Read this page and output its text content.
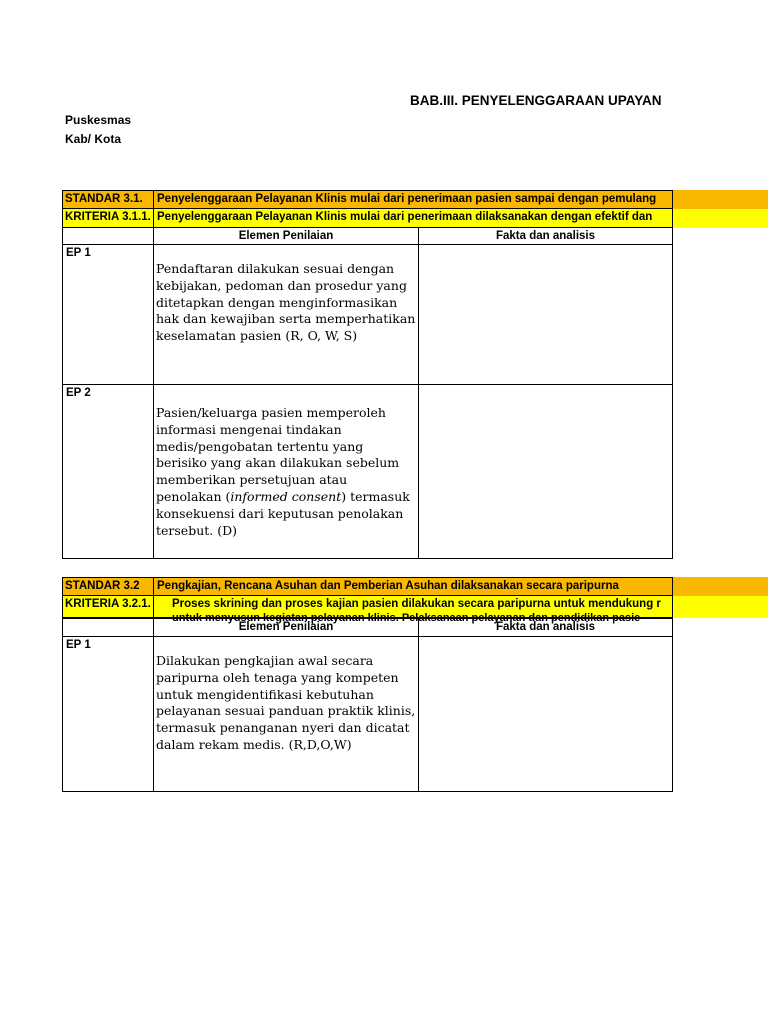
BAB.III. PENYELENGGARAAN UPAYAN
Puskesmas
Kab/ Kota
STANDAR 3.1.	Penyelenggaraan Pelayanan Klinis mulai dari penerimaan pasien sampai dengan pemulang
KRITERIA 3.1.1. Penyelenggaraan Pelayanan Klinis mulai dari penerimaan dilaksanakan dengan efektif dan
Elemen Penilaian	Fakta dan analisis
EP 1
Pendaftaran dilakukan sesuai dengan kebijakan, pedoman dan prosedur yang ditetapkan dengan menginformasikan hak dan kewajiban serta memperhatikan keselamatan pasien (R, O, W, S)
EP 2
Pasien/keluarga pasien memperoleh informasi mengenai tindakan medis/pengobatan tertentu yang berisiko yang akan dilakukan sebelum memberikan persetujuan atau penolakan (informed consent) termasuk konsekuensi dari keputusan penolakan tersebut. (D)
STANDAR 3.2	Pengkajian, Rencana Asuhan dan Pemberian Asuhan dilaksanakan secara paripurna
KRITERIA 3.2.1.	Proses skrining dan proses kajian pasien dilakukan secara paripurna untuk mendukung r
untuk menyusun kegiatan pelayanan klinis. Pelaksanaan pelayanan dan pendidikan pasie
Elemen Penilaian	Fakta dan analisis
EP 1
Dilakukan pengkajian awal secara paripurna oleh tenaga yang kompeten untuk mengidentifikasi kebutuhan pelayanan sesuai panduan praktik klinis, termasuk penanganan nyeri dan dicatat dalam rekam medis. (R,D,O,W)
